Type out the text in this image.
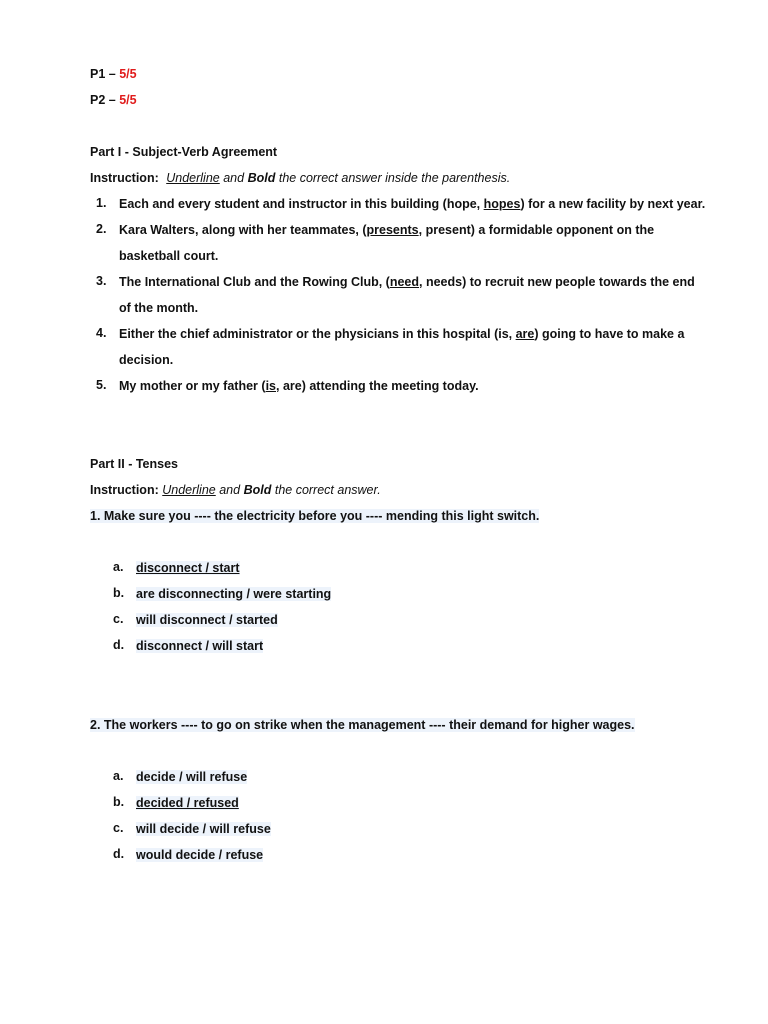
P1 – 5/5
P2 – 5/5
Part I - Subject-Verb Agreement
Instruction: Underline and Bold the correct answer inside the parenthesis.
1.	Each and every student and instructor in this building (hope, hopes) for a new facility by next year.
2.	Kara Walters, along with her teammates, (presents, present) a formidable opponent on the
basketball court.
3.	The International Club and the Rowing Club, (need, needs) to recruit new people towards the end
of the month.
4.	Either the chief administrator or the physicians in this hospital (is, are) going to have to make a
decision.
5.	My mother or my father (is, are) attending the meeting today.
Part II - Tenses
Instruction: Underline and Bold the correct answer.
1. Make sure you ---- the electricity before you ---- mending this light switch.
a.	disconnect / start
b. are disconnecting / were starting
c.	will disconnect / started
d. disconnect / will start
2. The workers ---- to go on strike when the management ---- their demand for higher wages.
a.	decide / will refuse
b. decided / refused
c.	will decide / will refuse
d. would decide / refuse
